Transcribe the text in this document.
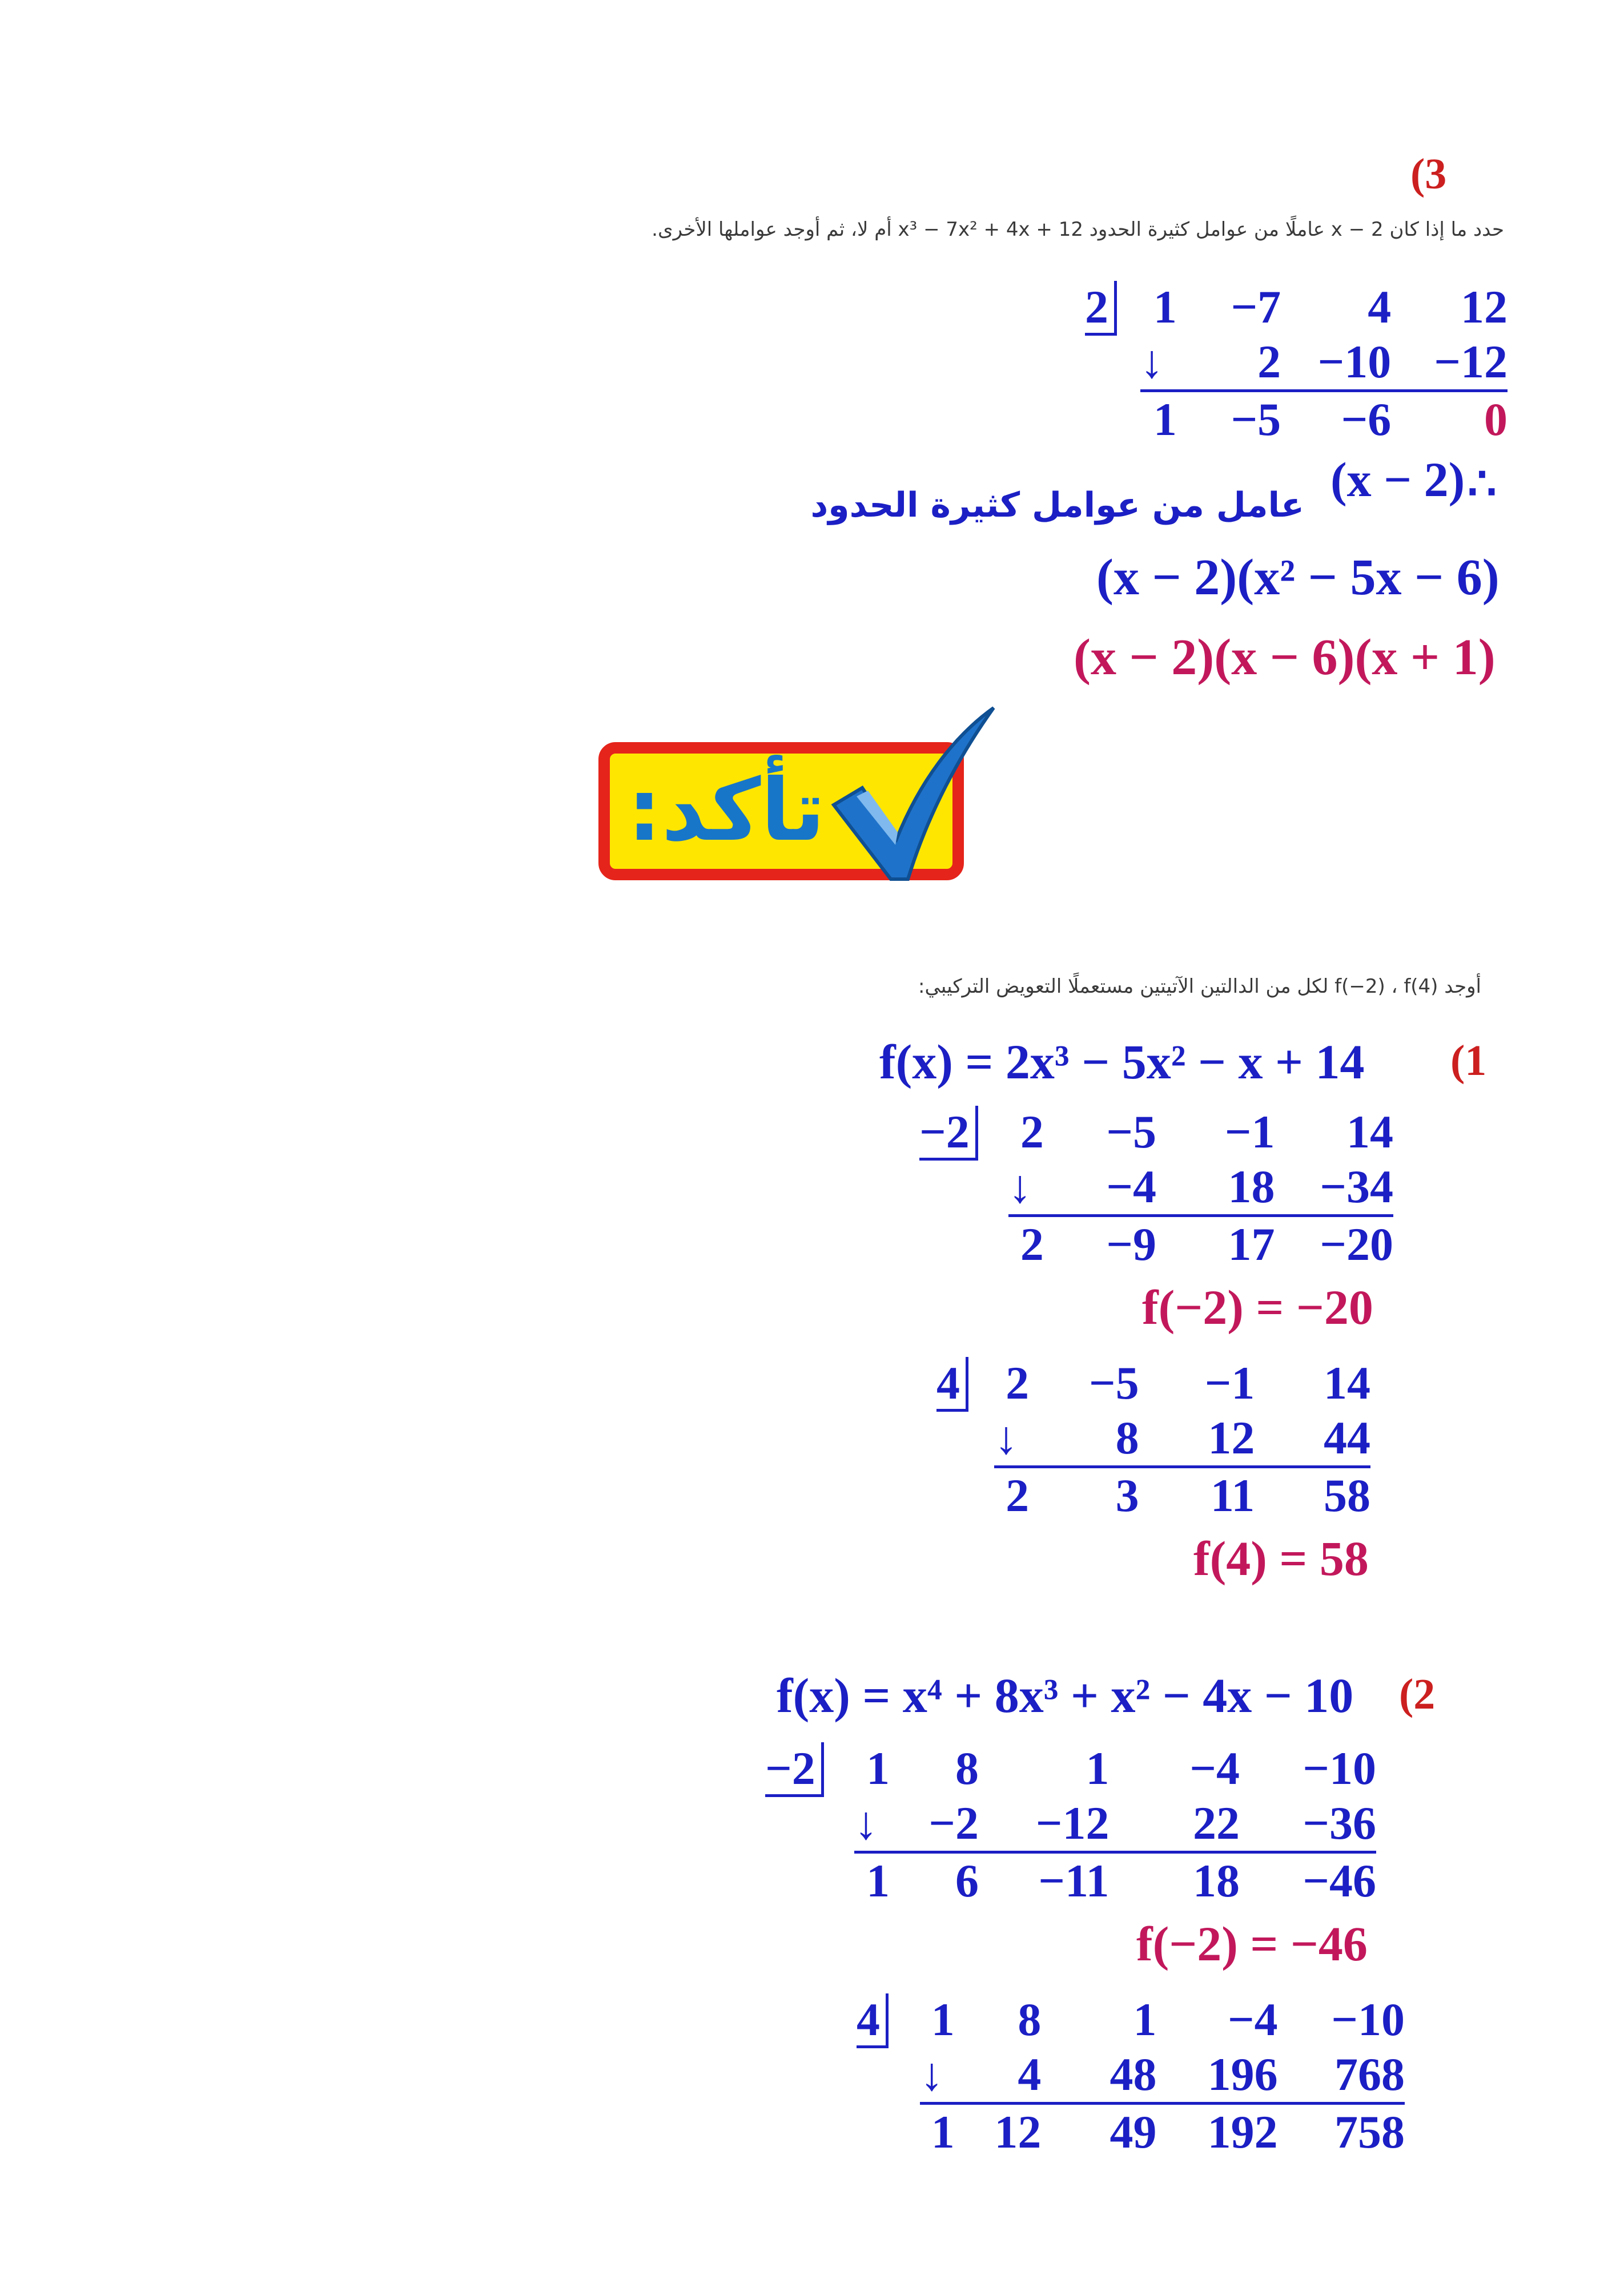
(3
حدد ما إذا كان x − 2 عاملًا من عوامل كثيرة الحدود x³ − 7x² + 4x + 12 أم لا، ثم أوجد عواملها الأخرى.
2	1	−7	4	12
	↓	2	−10	−12
	1	−5	−6	0
∴
(x − 2)
عامل من عوامل كثيرة الحدود
(x − 2)(x² − 5x − 6)
(x − 2)(x − 6)(x + 1)
تأكد:
أوجد f(−2) ، f(4) لكل من الدالتين الآتيتين مستعملًا التعويض التركيبي:
(1
f(x) = 2x³ − 5x² − x + 14
−2	2	−5	−1	14
	↓	−4	18	−34
	2	−9	17	−20
f(−2) = −20
4	2	−5	−1	14
	↓	8	12	44
	2	3	11	58
f(4) = 58
(2
f(x) = x⁴ + 8x³ + x² − 4x − 10
−2	1	8	1	−4	−10
	↓	−2	−12	22	−36
	1	6	−11	18	−46
f(−2) = −46
4	1	8	1	−4	−10
	↓	4	48	196	768
	1	12	49	192	758
